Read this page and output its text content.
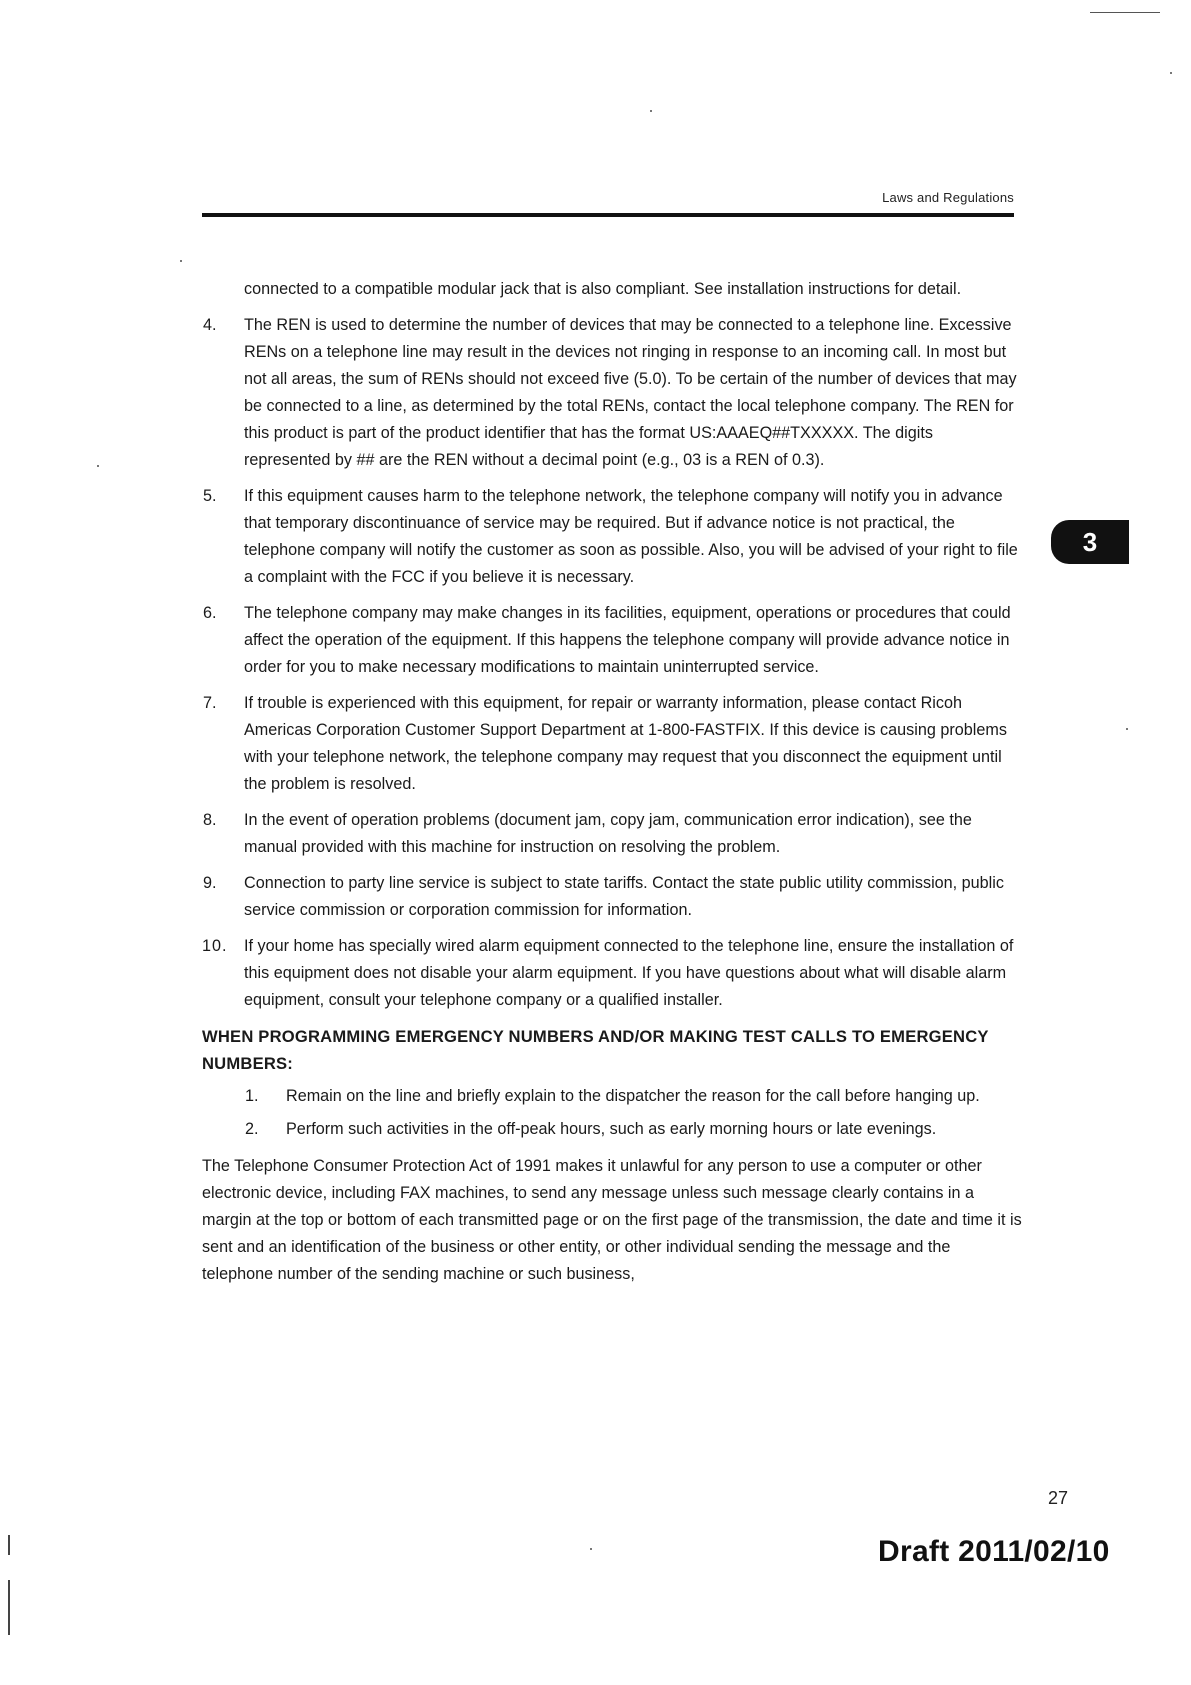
Laws and Regulations
3
connected to a compatible modular jack that is also compliant. See installation instructions for detail.
4.	The REN is used to determine the number of devices that may be connected to a telephone line. Excessive RENs on a telephone line may result in the devices not ringing in response to an incoming call. In most but not all areas, the sum of RENs should not exceed five (5.0). To be certain of the number of devices that may be connected to a line, as determined by the total RENs, contact the local telephone company. The REN for this product is part of the product identifier that has the format US:AAAEQ##TXXXXX. The digits represented by ## are the REN without a decimal point (e.g., 03 is a REN of 0.3).
5.	If this equipment causes harm to the telephone network, the telephone company will notify you in advance that temporary discontinuance of service may be required. But if advance notice is not practical, the telephone company will notify the customer as soon as possible. Also, you will be advised of your right to file a complaint with the FCC if you believe it is necessary.
6.	The telephone company may make changes in its facilities, equipment, operations or procedures that could affect the operation of the equipment. If this happens the telephone company will provide advance notice in order for you to make necessary modifications to maintain uninterrupted service.
7.	If trouble is experienced with this equipment, for repair or warranty information, please contact Ricoh Americas Corporation Customer Support Department at 1-800-FASTFIX. If this device is causing problems with your telephone network, the telephone company may request that you disconnect the equipment until the problem is resolved.
8.	In the event of operation problems (document jam, copy jam, communication error indication), see the manual provided with this machine for instruction on resolving the problem.
9.	Connection to party line service is subject to state tariffs. Contact the state public utility commission, public service commission or corporation commission for information.
10.	If your home has specially wired alarm equipment connected to the telephone line, ensure the installation of this equipment does not disable your alarm equipment. If you have questions about what will disable alarm equipment, consult your telephone company or a qualified installer.
WHEN PROGRAMMING EMERGENCY NUMBERS AND/OR MAKING TEST CALLS TO EMERGENCY NUMBERS:
1.	Remain on the line and briefly explain to the dispatcher the reason for the call before hanging up.
2.	Perform such activities in the off-peak hours, such as early morning hours or late evenings.
The Telephone Consumer Protection Act of 1991 makes it unlawful for any person to use a computer or other electronic device, including FAX machines, to send any message unless such message clearly contains in a margin at the top or bottom of each transmitted page or on the first page of the transmission, the date and time it is sent and an identification of the business or other entity, or other individual sending the message and the telephone number of the sending machine or such business,
27
Draft 2011/02/10
